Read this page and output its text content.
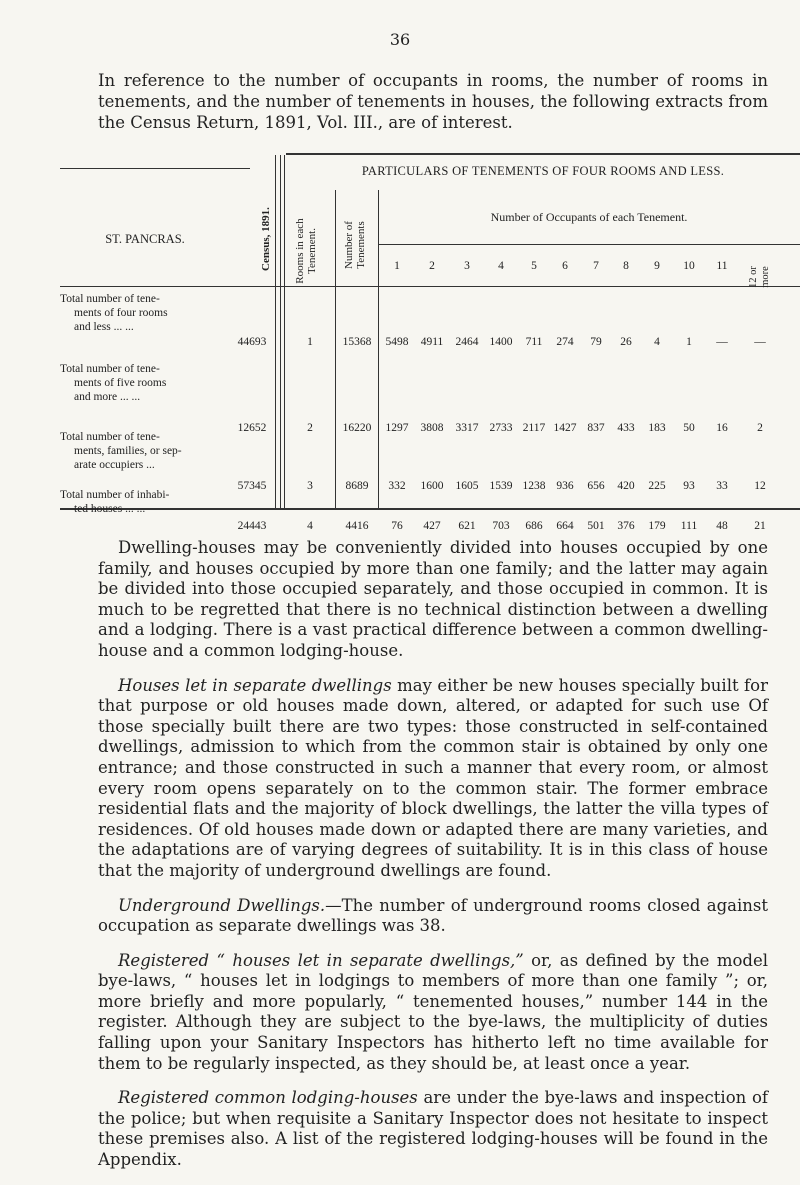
36
In reference to the number of occupants in rooms, the number of rooms in tenements, and the number of tenements in houses, the following extracts from the Census Return, 1891, Vol. III., are of interest.
PARTICULARS OF TENEMENTS OF FOUR ROOMS AND LESS.
ST. PANCRAS.	Census, 1891. Rooms in each Tenement.	Number of Tenements
Number of Occupants of each Tenement.
1	2	3	4	5	6	7	8	9	10	11
12 or more
Total number of tene-
ments of four rooms
and less ... ...
44693	1	15368	5498	4911	2464 1400	711	274	79	26	4	1	—	—
Total number of tene-
ments of five rooms
and more ... ...
12652	2	16220	1297	3808	3317 2733 2117 1427 837	433	183	50	16	2
Total number of tene-
ments, families, or sep-
arate occupiers ...
57345	3	8689	332	1600	1605 1539 1238 936	656	420	225	93	33	12
Total number of inhabi-
ted houses ... ...
24443	4	4416	76	427	621	703	686	664	501	376	179	111	48	21

Dwelling-houses may be conveniently divided into houses occupied by one family, and houses occupied by more than one family; and the latter may again be divided into those occupied separately, and those occupied in common. It is much to be regretted that there is no technical distinction between a dwelling and a lodging. There is a vast practical difference between a common dwelling-house and a common lodging-house.

Houses let in separate dwellings may either be new houses specially built for that purpose or old houses made down, altered, or adapted for such use Of those specially built there are two types: those constructed in self-contained dwellings, admission to which from the common stair is obtained by only one entrance; and those constructed in such a manner that every room, or almost every room opens separately on to the common stair. The former embrace residential flats and the majority of block dwellings, the latter the villa types of residences. Of old houses made down or adapted there are many varieties, and the adaptations are of varying degrees of suitability. It is in this class of house that the majority of underground dwellings are found.

Underground Dwellings.—The number of underground rooms closed against occupation as separate dwellings was 38.

Registered “ houses let in separate dwellings,” or, as defined by the model bye-laws, “ houses let in lodgings to members of more than one family ”; or, more briefly and more popularly, “ tenemented houses,” number 144 in the register. Although they are subject to the bye-laws, the multiplicity of duties falling upon your Sanitary Inspectors has hitherto left no time available for them to be regularly inspected, as they should be, at least once a year.

Registered common lodging-houses are under the bye-laws and inspection of the police; but when requisite a Sanitary Inspector does not hesitate to inspect these premises also. A list of the registered lodging-houses will be found in the Appendix.
